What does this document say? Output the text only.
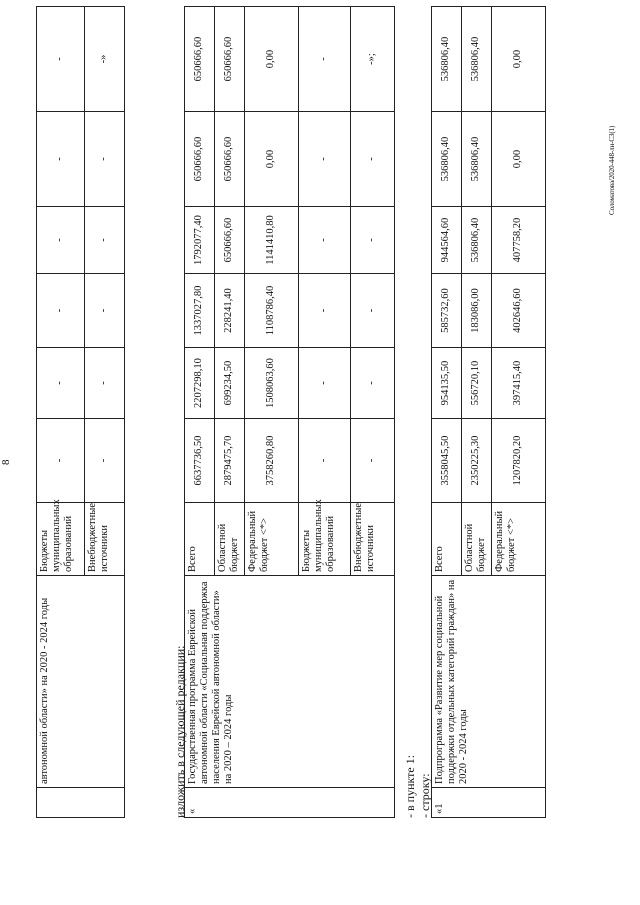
8
Соломатова/2020-448-лн-СЗ(1)
	автономной области» на 2020 - 2024 годы	Бюджеты муниципальных образований	-	-	-	-	-	-
		Внебюджетные источники	-	-	-	-	-	-»
изложить в следующей редакции: «	Государственная программа Еврейской автономной области «Социальная поддержка населения Еврейской автономной области» на 2020 – 2024 годы	Всего	6637736,50	2207298,10	1337027,80	1792077,40	650666,60	650666,60
		Областной бюджет	2879475,70	699234,50	228241,40	650666,60	650666,60	650666,60
		Федеральный бюджет <*>	3758260,80	1508063,60	1108786,40	1141410,80	0,00	0,00
		Бюджеты муниципальных образований	-	-	-	-	-	-
		Внебюджетные источники	-	-	-	-	-	-»;
- в пункте 1: - строку: «1	Подпрограмма «Развитие мер социальной поддержки отдельных категорий граждан» на 2020 - 2024 годы	Всего	3558045,50	954135,50	585732,60	944564,60	536806,40	536806,40
		Областной бюджет	2350225,30	556720,10	183086,00	536806,40	536806,40	536806,40
		Федеральный бюджет <*>	1207820,20	397415,40	402646,60	407758,20	0,00	0,00
